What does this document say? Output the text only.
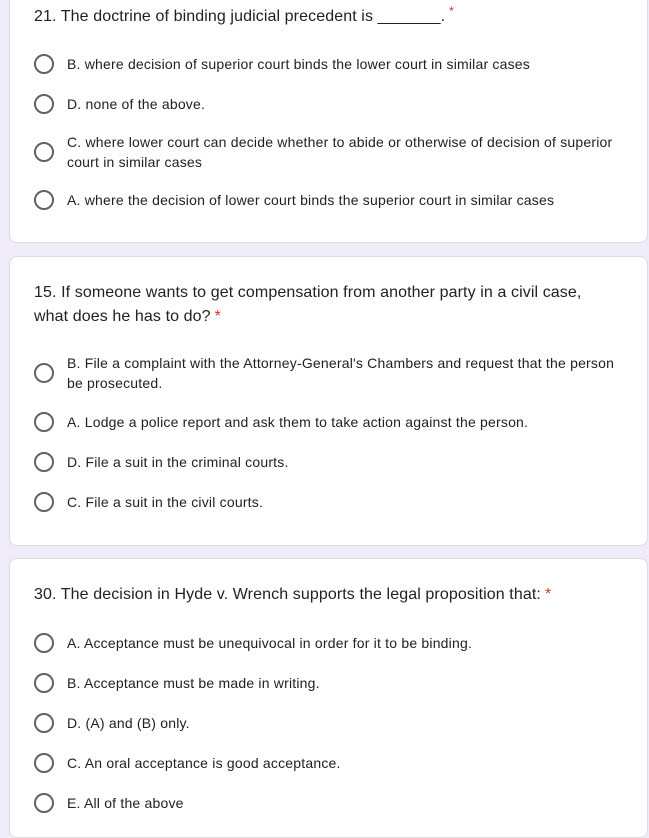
21. The doctrine of binding judicial precedent is _______. *
B. where decision of superior court binds the lower court in similar cases
D. none of the above.
C. where lower court can decide whether to abide or otherwise of decision of superior court in similar cases
A. where the decision of lower court binds the superior court in similar cases
15. If someone wants to get compensation from another party in a civil case, what does he has to do? *
B. File a complaint with the Attorney-General's Chambers and request that the person be prosecuted.
A. Lodge a police report and ask them to take action against the person.
D. File a suit in the criminal courts.
C. File a suit in the civil courts.
30. The decision in Hyde v. Wrench supports the legal proposition that: *
A. Acceptance must be unequivocal in order for it to be binding.
B. Acceptance must be made in writing.
D. (A) and (B) only.
C. An oral acceptance is good acceptance.
E. All of the above
